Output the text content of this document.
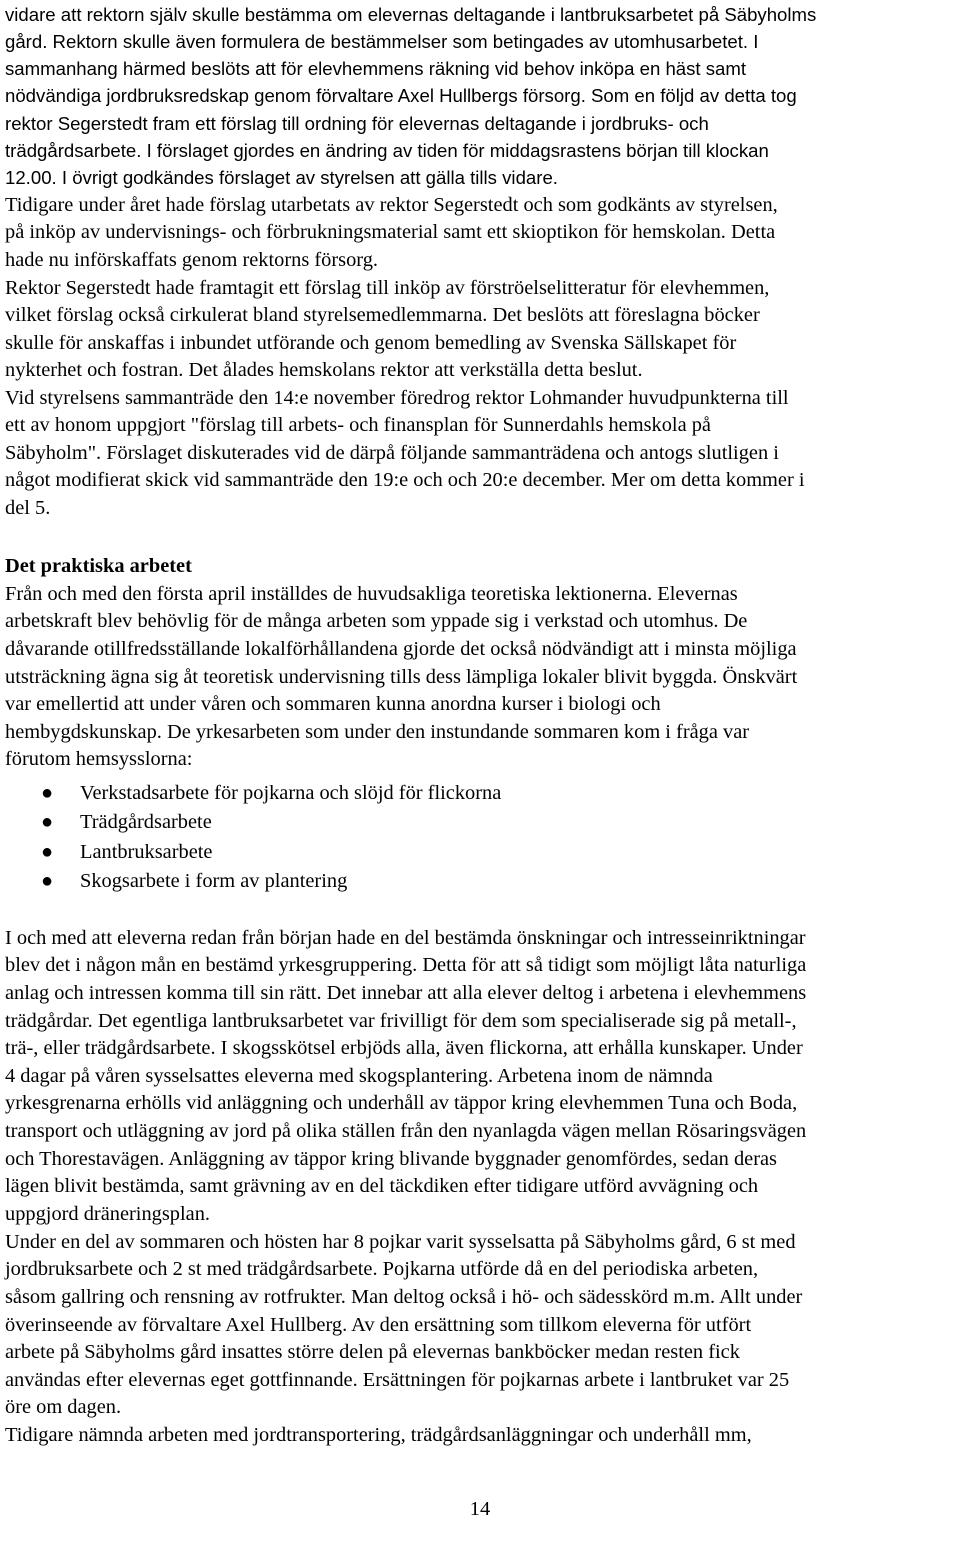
vidare att rektorn själv skulle bestämma om elevernas deltagande i lantbruksarbetet på Säbyholms
gård. Rektorn skulle även formulera de bestämmelser som betingades av utomhusarbetet. I
sammanhang härmed beslöts att för elevhemmens räkning vid behov inköpa en häst samt
nödvändiga jordbruksredskap genom förvaltare Axel Hullbergs försorg. Som en följd av detta tog
rektor Segerstedt fram ett förslag till ordning för elevernas deltagande i jordbruks- och
trädgårdsarbete. I förslaget gjordes en ändring av tiden för middagsrastens början till klockan
12.00. I övrigt godkändes förslaget av styrelsen att gälla tills vidare.
Tidigare under året hade förslag utarbetats av rektor Segerstedt och som godkänts av styrelsen,
på inköp av undervisnings- och förbrukningsmaterial samt ett skioptikon för hemskolan. Detta
hade nu införskaffats genom rektorns försorg.
Rektor Segerstedt hade framtagit ett förslag till inköp av förströelselitteratur för elevhemmen,
vilket förslag också cirkulerat bland styrelsemedlemmarna. Det beslöts att föreslagna böcker
skulle för anskaffas i inbundet utförande och genom bemedling av Svenska Sällskapet för
nykterhet och fostran. Det ålades hemskolans rektor att verkställa detta beslut.
Vid styrelsens sammanträde den 14:e november föredrog rektor Lohmander huvudpunkterna till
ett av honom uppgjort "förslag till arbets- och finansplan för Sunnerdahls hemskola på
Säbyholm". Förslaget diskuterades vid de därpå följande sammanträdena och antogs slutligen i
något modifierat skick vid sammanträde den 19:e och och 20:e december. Mer om detta kommer i
del 5.
Det praktiska arbetet
Från och med den första april inställdes de huvudsakliga teoretiska lektionerna. Elevernas
arbetskraft blev behövlig för de många arbeten som yppade sig i verkstad och utomhus. De
dåvarande otillfredsställande lokalförhållandena gjorde det också nödvändigt att i minsta möjliga
utsträckning ägna sig åt teoretisk undervisning tills dess lämpliga lokaler blivit byggda. Önskvärt
var emellertid att under våren och sommaren kunna anordna kurser i biologi och
hembygdskunskap. De yrkesarbeten som under den instundande sommaren kom i fråga var
förutom hemsysslorna:
● Verkstadsarbete för pojkarna och slöjd för flickorna
● Trädgårdsarbete
● Lantbruksarbete
● Skogsarbete i form av plantering
I och med att eleverna redan från början hade en del bestämda önskningar och intresseinriktningar
blev det i någon mån en bestämd yrkesgruppering. Detta för att så tidigt som möjligt låta naturliga
anlag och intressen komma till sin rätt. Det innebar att alla elever deltog i arbetena i elevhemmens
trädgårdar. Det egentliga lantbruksarbetet var frivilligt för dem som specialiserade sig på metall-,
trä-, eller trädgårdsarbete. I skogsskötsel erbjöds alla, även flickorna, att erhålla kunskaper. Under
4 dagar på våren sysselsattes eleverna med skogsplantering. Arbetena inom de nämnda
yrkesgrenarna erhölls vid anläggning och underhåll av täppor kring elevhemmen Tuna och Boda,
transport och utläggning av jord på olika ställen från den nyanlagda vägen mellan Rösaringsvägen
och Thorestavägen. Anläggning av täppor kring blivande byggnader genomfördes, sedan deras
lägen blivit bestämda, samt grävning av en del täckdiken efter tidigare utförd avvägning och
uppgjord dräneringsplan.
Under en del av sommaren och hösten har 8 pojkar varit sysselsatta på Säbyholms gård, 6 st med
jordbruksarbete och 2 st med trädgårdsarbete. Pojkarna utförde då en del periodiska arbeten,
såsom gallring och rensning av rotfrukter. Man deltog också i hö- och sädesskörd m.m. Allt under
överinseende av förvaltare Axel Hullberg. Av den ersättning som tillkom eleverna för utfört
arbete på Säbyholms gård insattes större delen på elevernas bankböcker medan resten fick
användas efter elevernas eget gottfinnande. Ersättningen för pojkarnas arbete i lantbruket var 25
öre om dagen.
Tidigare nämnda arbeten med jordtransportering, trädgårdsanläggningar och underhåll mm,
14
